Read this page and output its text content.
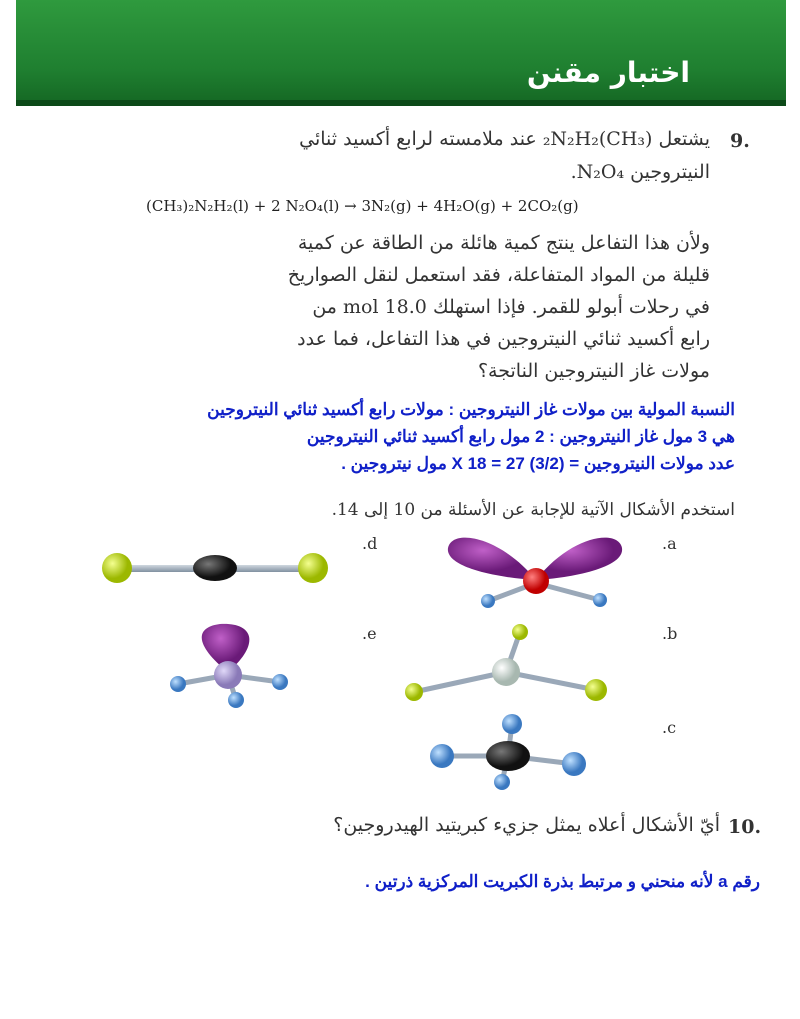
اختبار مقنن
9.
يشتعل (CH₃)₂N₂H₂ عند ملامسته لرابع أكسيد ثنائي
النيتروجين N₂O₄.
(CH₃)₂N₂H₂(l) + 2 N₂O₄(l) → 3N₂(g) + 4H₂O(g) + 2CO₂(g)
ولأن هذا التفاعل ينتج كمية هائلة من الطاقة عن كمية
قليلة من المواد المتفاعلة، فقد استعمل لنقل الصواريخ
في رحلات أبولو للقمر. فإذا استهلك 18.0 mol من
رابع أكسيد ثنائي النيتروجين في هذا التفاعل، فما عدد
مولات غاز النيتروجين الناتجة؟
النسبة المولية بين مولات غاز النيتروجين : مولات رابع أكسيد ثنائي النيتروجين
هي 3 مول غاز النيتروجين : 2 مول رابع أكسيد ثنائي النيتروجين
عدد مولات النيتروجين = (3/2) X 18 = 27 مول نيتروجين .
استخدم الأشكال الآتية للإجابة عن الأسئلة من 10 إلى 14.
.a
.d
.b
.e
.c
10.
أيّ الأشكال أعلاه يمثل جزيء كبريتيد الهيدروجين؟
رقم a لأنه منحني و مرتبط بذرة الكبريت المركزية ذرتين .
